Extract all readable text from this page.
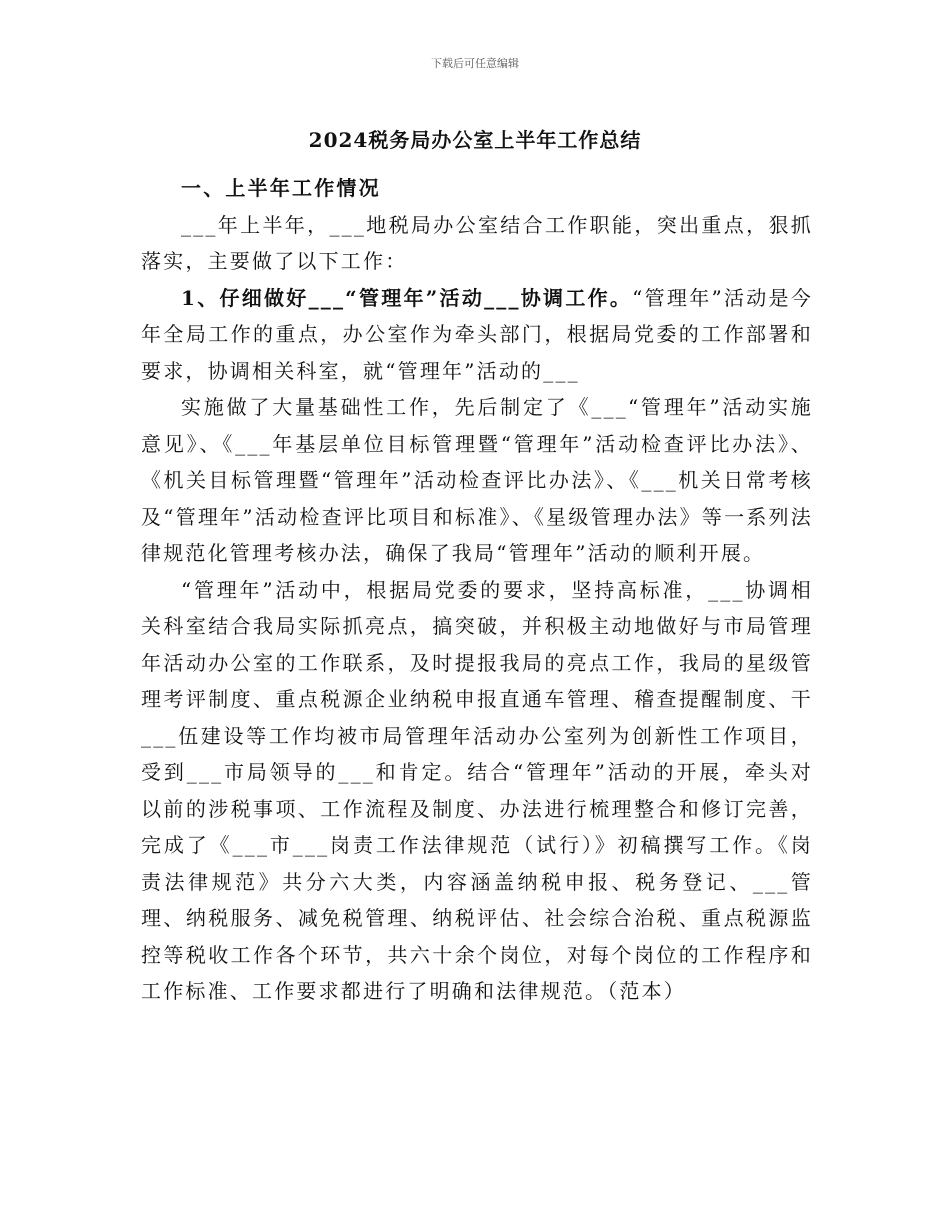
下载后可任意编辑
2024税务局办公室上半年工作总结

一、上半年工作情况

___年上半年，___地税局办公室结合工作职能，突出重点，狠抓落实，主要做了以下工作：

1、仔细做好___“管理年”活动___协调工作。“管理年”活动是今年全局工作的重点，办公室作为牵头部门，根据局党委的工作部署和要求，协调相关科室，就“管理年”活动的___

实施做了大量基础性工作，先后制定了《___“管理年”活动实施意见》、《___年基层单位目标管理暨“管理年”活动检查评比办法》、《机关目标管理暨“管理年”活动检查评比办法》、《___机关日常考核及“管理年”活动检查评比项目和标准》、《星级管理办法》等一系列法律规范化管理考核办法，确保了我局“管理年”活动的顺利开展。

“管理年”活动中，根据局党委的要求，坚持高标准，___协调相关科室结合我局实际抓亮点，搞突破，并积极主动地做好与市局管理年活动办公室的工作联系，及时提报我局的亮点工作，我局的星级管理考评制度、重点税源企业纳税申报直通车管理、稽查提醒制度、干___伍建设等工作均被市局管理年活动办公室列为创新性工作项目，受到___市局领导的___和肯定。结合“管理年”活动的开展，牵头对以前的涉税事项、工作流程及制度、办法进行梳理整合和修订完善，完成了《___市___岗责工作法律规范（试行）》初稿撰写工作。《岗责法律规范》共分六大类，内容涵盖纳税申报、税务登记、___管理、纳税服务、减免税管理、纳税评估、社会综合治税、重点税源监控等税收工作各个环节，共六十余个岗位，对每个岗位的工作程序和工作标准、工作要求都进行了明确和法律规范。（范本）
